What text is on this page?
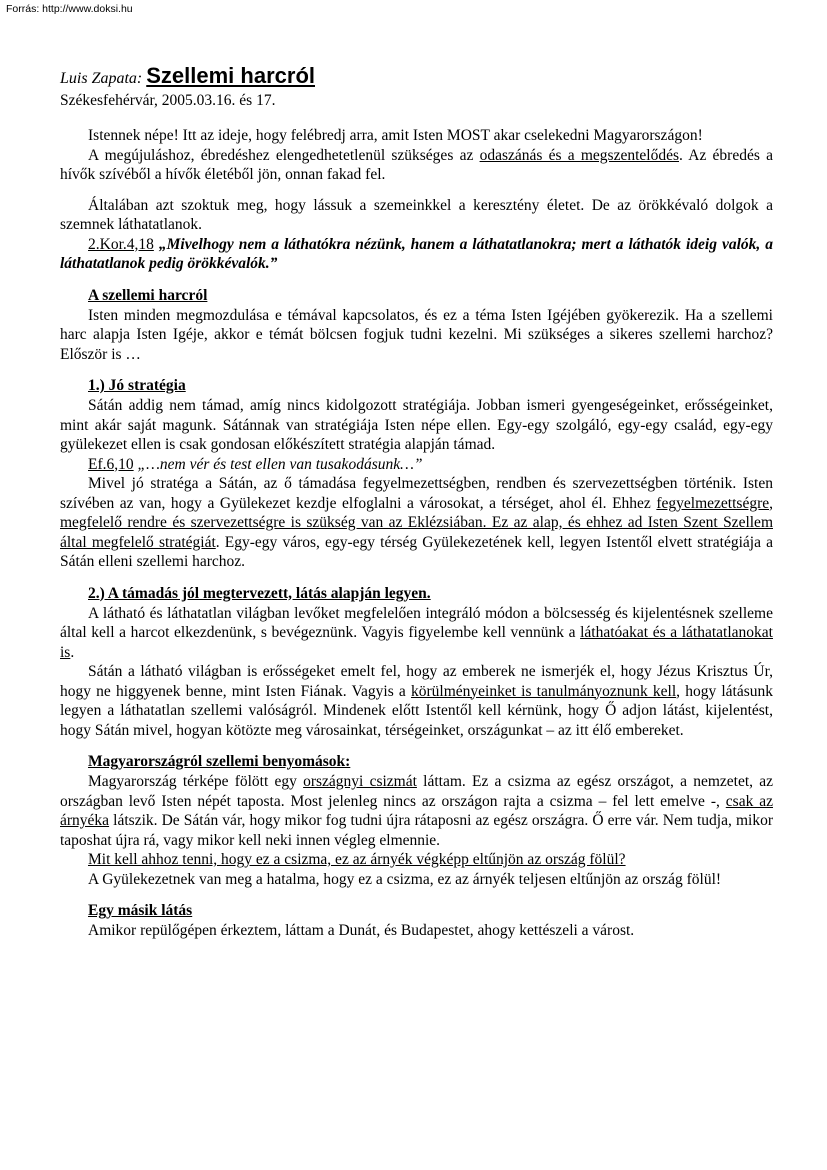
Forrás: http://www.doksi.hu
Luis Zapata: Szellemi harcról
Székesfehérvár, 2005.03.16. és 17.

Istennek népe! Itt az ideje, hogy felébredj arra, amit Isten MOST akar cselekedni Magyarországon!

A megújuláshoz, ébredéshez elengedhetetlenül szükséges az odaszánás és a megszentelődés. Az ébredés a hívők szívéből a hívők életéből jön, onnan fakad fel.

Általában azt szoktuk meg, hogy lássuk a szemeinkkel a keresztény életet. De az örökkévaló dolgok a szemnek láthatatlanok.

2.Kor.4,18 „Mivelhogy nem a láthatókra nézünk, hanem a láthatatlanokra; mert a láthatók ideig valók, a láthatatlanok pedig örökkévalók.”

A szellemi harcról

Isten minden megmozdulása e témával kapcsolatos, és ez a téma Isten Igéjében gyökerezik. Ha a szellemi harc alapja Isten Igéje, akkor e témát bölcsen fogjuk tudni kezelni. Mi szükséges a sikeres szellemi harchoz? Először is …

1.) Jó stratégia

Sátán addig nem támad, amíg nincs kidolgozott stratégiája. Jobban ismeri gyengeségeinket, erősségeinket, mint akár saját magunk. Sátánnak van stratégiája Isten népe ellen. Egy-egy szolgáló, egy-egy család, egy-egy gyülekezet ellen is csak gondosan előkészített stratégia alapján támad.

Ef.6,10 „…nem vér és test ellen van tusakodásunk…”

Mivel jó stratéga a Sátán, az ő támadása fegyelmezettségben, rendben és szervezettségben történik. Isten szívében az van, hogy a Gyülekezet kezdje elfoglalni a városokat, a térséget, ahol él. Ehhez fegyelmezettségre, megfelelő rendre és szervezettségre is szükség van az Eklézsiában. Ez az alap, és ehhez ad Isten Szent Szellem által megfelelő stratégiát. Egy-egy város, egy-egy térség Gyülekezetének kell, legyen Istentől elvett stratégiája a Sátán elleni szellemi harchoz.

2.) A támadás jól megtervezett, látás alapján legyen.

A látható és láthatatlan világban levőket megfelelően integráló módon a bölcsesség és kijelentésnek szelleme által kell a harcot elkezdenünk, s bevégeznünk. Vagyis figyelembe kell vennünk a láthatóakat és a láthatatlanokat is.

Sátán a látható világban is erősségeket emelt fel, hogy az emberek ne ismerjék el, hogy Jézus Krisztus Úr, hogy ne higgyenek benne, mint Isten Fiának. Vagyis a körülményeinket is tanulmányoznunk kell, hogy látásunk legyen a láthatatlan szellemi valóságról. Mindenek előtt Istentől kell kérnünk, hogy Ő adjon látást, kijelentést, hogy Sátán mivel, hogyan kötözte meg városainkat, térségeinket, országunkat – az itt élő embereket.

Magyarországról szellemi benyomások:

Magyarország térképe fölött egy országnyi csizmát láttam. Ez a csizma az egész országot, a nemzetet, az országban levő Isten népét taposta. Most jelenleg nincs az országon rajta a csizma – fel lett emelve -, csak az árnyéka látszik. De Sátán vár, hogy mikor fog tudni újra rátaposni az egész országra. Ő erre vár. Nem tudja, mikor taposhat újra rá, vagy mikor kell neki innen végleg elmennie.

Mit kell ahhoz tenni, hogy ez a csizma, ez az árnyék végképp eltűnjön az ország fölül?

A Gyülekezetnek van meg a hatalma, hogy ez a csizma, ez az árnyék teljesen eltűnjön az ország fölül!

Egy másik látás

Amikor repülőgépen érkeztem, láttam a Dunát, és Budapestet, ahogy kettészeli a várost.
